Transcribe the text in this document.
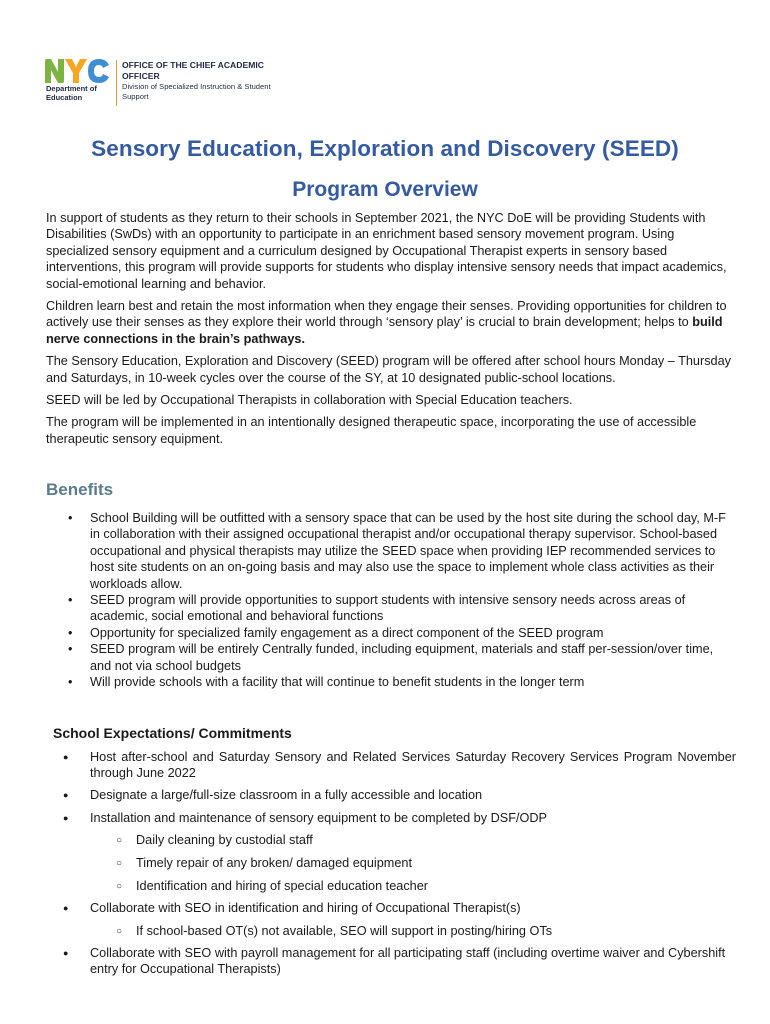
Department of Education
OFFICE OF THE CHIEF ACADEMIC OFFICER
Division of Specialized Instruction & Student Support
Sensory Education, Exploration and Discovery (SEED)
Program Overview

In support of students as they return to their schools in September 2021, the NYC DoE will be providing Students with Disabilities (SwDs) with an opportunity to participate in an enrichment based sensory movement program. Using specialized sensory equipment and a curriculum designed by Occupational Therapist experts in sensory based interventions, this program will provide supports for students who display intensive sensory needs that impact academics, social-emotional learning and behavior.

Children learn best and retain the most information when they engage their senses. Providing opportunities for children to actively use their senses as they explore their world through ‘sensory play’ is crucial to brain development; helps to build nerve connections in the brain’s pathways.

The Sensory Education, Exploration and Discovery (SEED) program will be offered after school hours Monday – Thursday and Saturdays, in 10-week cycles over the course of the SY, at 10 designated public-school locations.

SEED will be led by Occupational Therapists in collaboration with Special Education teachers.

The program will be implemented in an intentionally designed therapeutic space, incorporating the use of accessible therapeutic sensory equipment.

Benefits
• School Building will be outfitted with a sensory space that can be used by the host site during the school day, M-F in collaboration with their assigned occupational therapist and/or occupational therapy supervisor. School-based occupational and physical therapists may utilize the SEED space when providing IEP recommended services to host site students on an on-going basis and may also use the space to implement whole class activities as their workloads allow.
• SEED program will provide opportunities to support students with intensive sensory needs across areas of academic, social emotional and behavioral functions
• Opportunity for specialized family engagement as a direct component of the SEED program
• SEED program will be entirely Centrally funded, including equipment, materials and staff per-session/over time, and not via school budgets
• Will provide schools with a facility that will continue to benefit students in the longer term
School Expectations/ Commitments
● Host after-school and Saturday Sensory and Related Services Saturday Recovery Services Program November through June 2022
● Designate a large/full-size classroom in a fully accessible and location
● Installation and maintenance of sensory equipment to be completed by DSF/ODP
○ Daily cleaning by custodial staff
○ Timely repair of any broken/ damaged equipment
○ Identification and hiring of special education teacher
● Collaborate with SEO in identification and hiring of Occupational Therapist(s)
○ If school-based OT(s) not available, SEO will support in posting/hiring OTs
● Collaborate with SEO with payroll management for all participating staff (including overtime waiver and Cybershift entry for Occupational Therapists)
